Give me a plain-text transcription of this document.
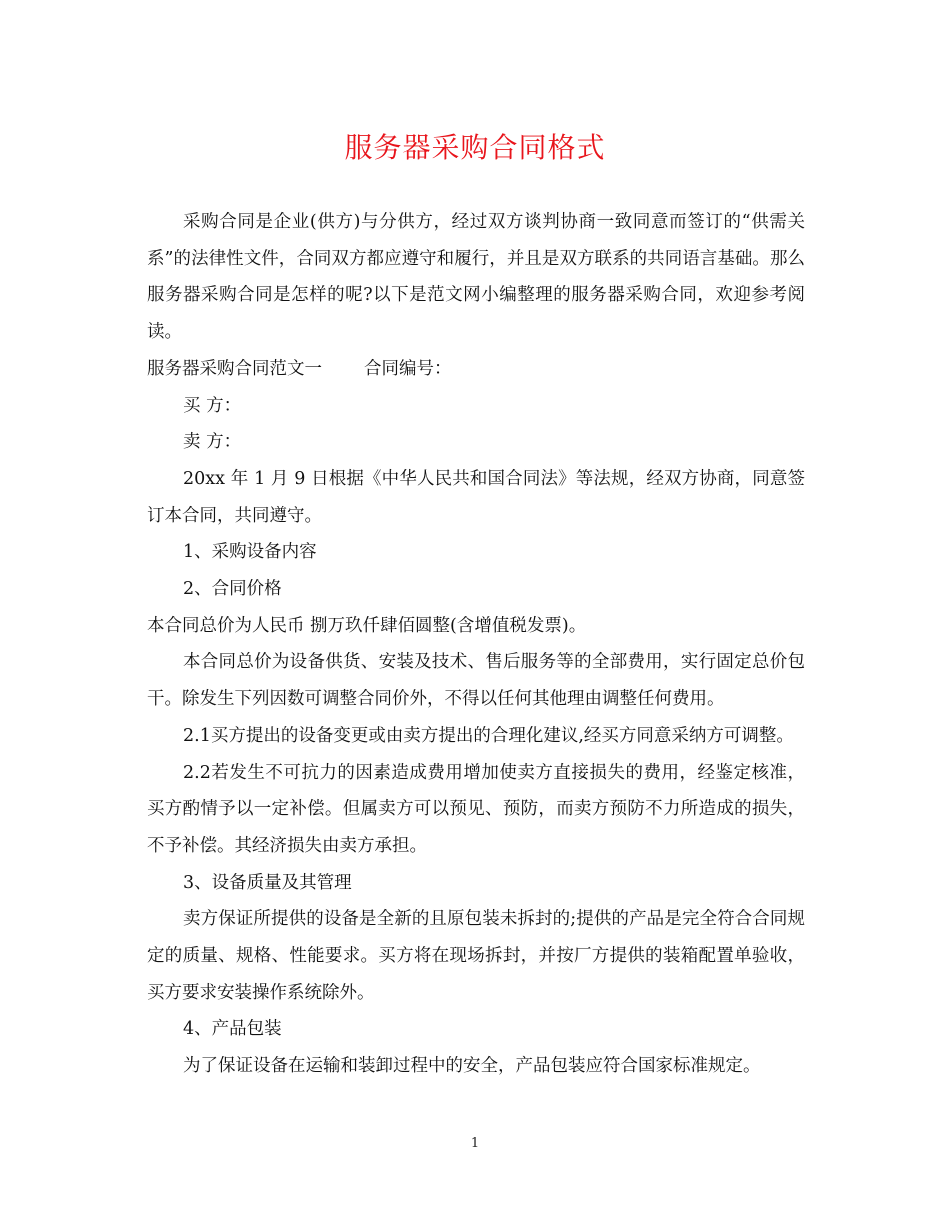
服务器采购合同格式

采购合同是企业(供方)与分供方，经过双方谈判协商一致同意而签订的“供需关系”的法律性文件，合同双方都应遵守和履行，并且是双方联系的共同语言基础。那么服务器采购合同是怎样的呢?以下是范文网小编整理的服务器采购合同，欢迎参考阅读。

服务器采购合同范文一 合同编号：

买 方：

卖 方：

20xx 年 1 月 9 日根据《中华人民共和国合同法》等法规，经双方协商，同意签订本合同，共同遵守。

1、采购设备内容

2、合同价格

本合同总价为人民币 捌万玖仟肆佰圆整(含增值税发票)。

本合同总价为设备供货、安装及技术、售后服务等的全部费用，实行固定总价包干。除发生下列因数可调整合同价外，不得以任何其他理由调整任何费用。

2.1买方提出的设备变更或由卖方提出的合理化建议,经买方同意采纳方可调整。

2.2若发生不可抗力的因素造成费用增加使卖方直接损失的费用，经鉴定核准，买方酌情予以一定补偿。但属卖方可以预见、预防，而卖方预防不力所造成的损失，不予补偿。其经济损失由卖方承担。

3、设备质量及其管理

卖方保证所提供的设备是全新的且原包装未拆封的;提供的产品是完全符合合同规定的质量、规格、性能要求。买方将在现场拆封，并按厂方提供的装箱配置单验收，买方要求安装操作系统除外。

4、产品包装

为了保证设备在运输和装卸过程中的安全，产品包装应符合国家标准规定。

1
